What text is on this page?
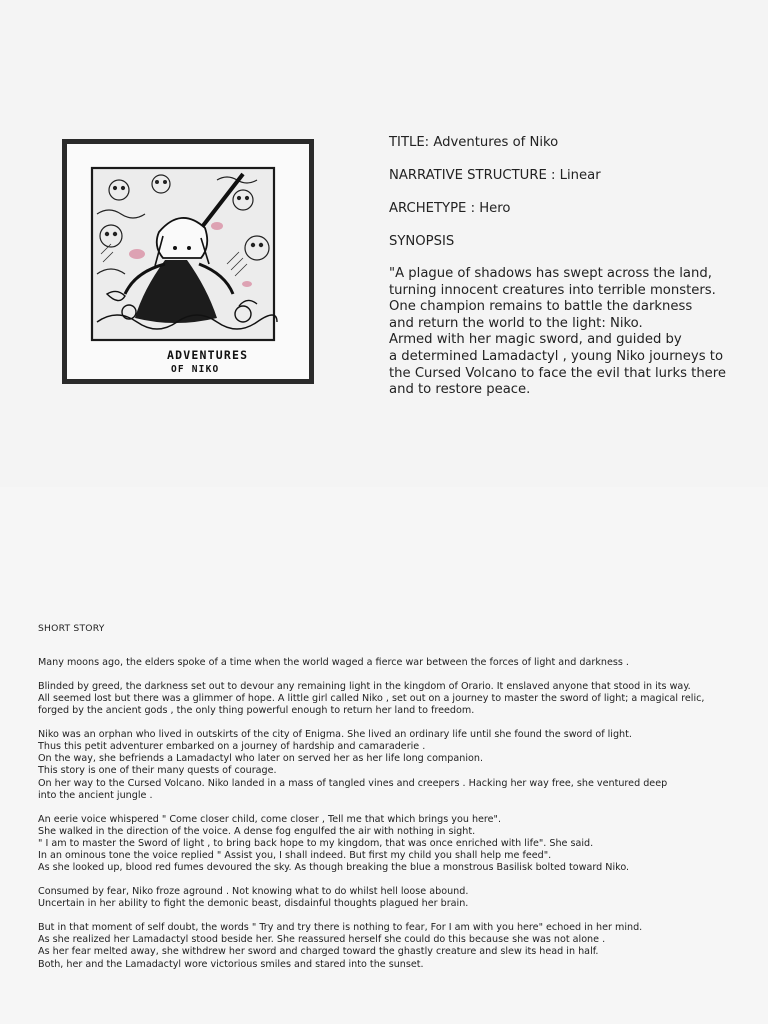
ADVENTURES
OF NIKO
TITLE: Adventures of Niko
NARRATIVE STRUCTURE : Linear
ARCHETYPE : Hero
SYNOPSIS
"A plague of shadows has swept across the land,
turning innocent creatures into terrible monsters.
One champion remains to battle the darkness
and return the world to the light: Niko.
Armed with her magic sword, and guided by
a determined Lamadactyl , young Niko journeys to
the Cursed Volcano to face the evil that lurks there
and to restore peace.
SHORT STORY
Many moons ago, the elders spoke of a time when the world waged a fierce war between the forces of light and darkness .
Blinded by greed, the darkness set out to devour any remaining light in the kingdom of Orario. It enslaved anyone that stood in its way.
All seemed lost but there was a glimmer of hope. A little girl called Niko , set out on a journey to master the sword of light; a magical relic,
forged by the ancient gods , the only thing powerful enough to return her land to freedom.
Niko was an orphan who lived in outskirts of the city of Enigma. She lived an ordinary life until she found the sword of light.
Thus this petit adventurer embarked on a journey of hardship and camaraderie .
On the way, she befriends a Lamadactyl who later on served her as her life long companion.
This story is one of their many quests of courage.
On her way to the Cursed Volcano. Niko landed in a mass of tangled vines and creepers . Hacking her way free, she ventured deep
into the ancient jungle .
An eerie voice whispered " Come closer child, come closer , Tell me that which brings you here".
She walked in the direction of the voice. A dense fog engulfed the air with nothing in sight.
" I am to master the Sword of light , to bring back hope to my kingdom, that was once enriched with life". She said.
In an ominous tone the voice replied " Assist you, I shall indeed. But first my child you shall help me feed".
As she looked up, blood red fumes devoured the sky. As though breaking the blue a monstrous Basilisk bolted toward Niko.
Consumed by fear, Niko froze aground . Not knowing what to do whilst hell loose abound.
Uncertain in her ability to fight the demonic beast, disdainful thoughts plagued her brain.
But in that moment of self doubt, the words " Try and try there is nothing to fear, For I am with you here" echoed in her mind.
As she realized her Lamadactyl stood beside her. She reassured herself she could do this because she was not alone .
As her fear melted away, she withdrew her sword and charged toward the ghastly creature and slew its head in half.
Both, her and the Lamadactyl wore victorious smiles and stared into the sunset.
